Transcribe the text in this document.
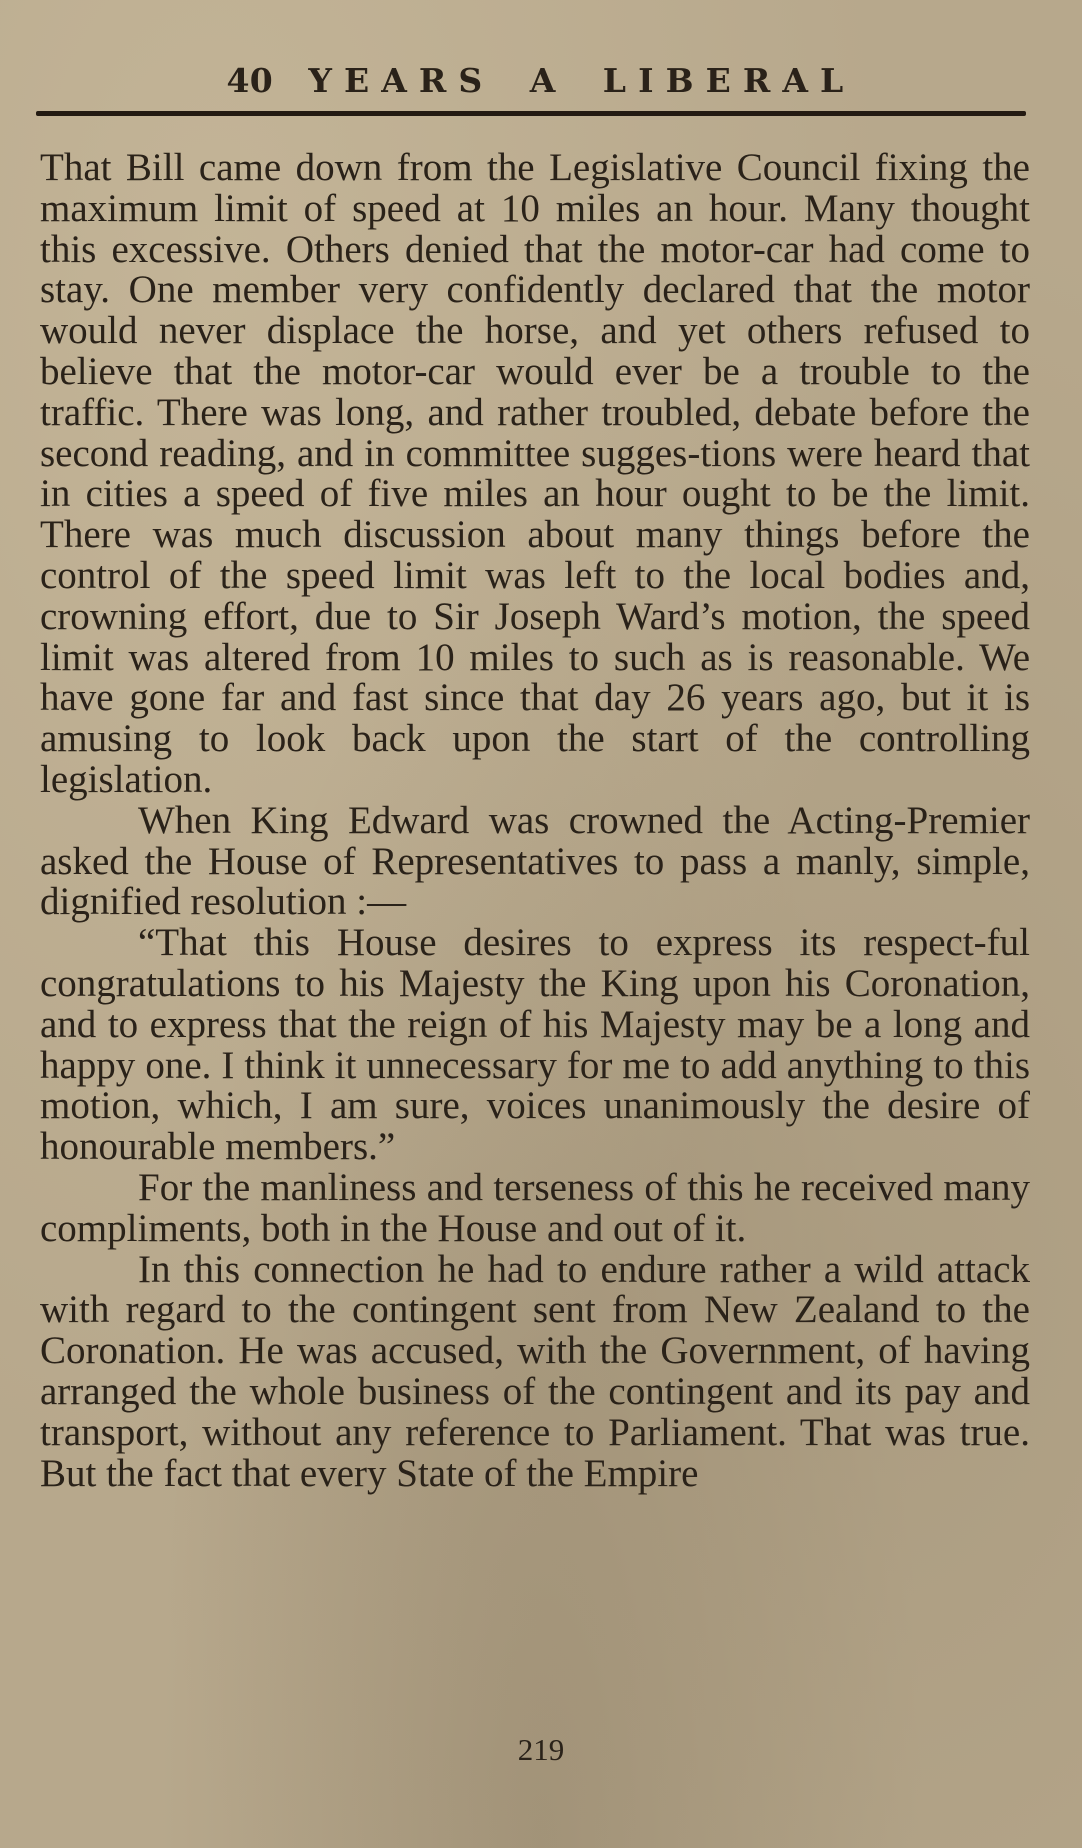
40   Y E A R S    A    L I B E R A L

That Bill came down from the Legislative Council fixing the maximum limit of speed at 10 miles an hour. Many thought this excessive. Others denied that the motor-car had come to stay. One member very confidently declared that the motor would never displace the horse, and yet others refused to believe that the motor-car would ever be a trouble to the traffic. There was long, and rather troubled, debate before the second reading, and in committee sugges-tions were heard that in cities a speed of five miles an hour ought to be the limit. There was much discussion about many things before the control of the speed limit was left to the local bodies and, crowning effort, due to Sir Joseph Ward’s motion, the speed limit was altered from 10 miles to such as is reasonable. We have gone far and fast since that day 26 years ago, but it is amusing to look back upon the start of the controlling legislation.

When King Edward was crowned the Acting-Premier asked the House of Representatives to pass a manly, simple, dignified resolution :—

“That this House desires to express its respect-ful congratulations to his Majesty the King upon his Coronation, and to express that the reign of his Majesty may be a long and happy one. I think it unnecessary for me to add anything to this motion, which, I am sure, voices unanimously the desire of honourable members.”

For the manliness and terseness of this he received many compliments, both in the House and out of it.

In this connection he had to endure rather a wild attack with regard to the contingent sent from New Zealand to the Coronation. He was accused, with the Government, of having arranged the whole business of the contingent and its pay and transport, without any reference to Parliament. That was true. But the fact that every State of the Empire

219
